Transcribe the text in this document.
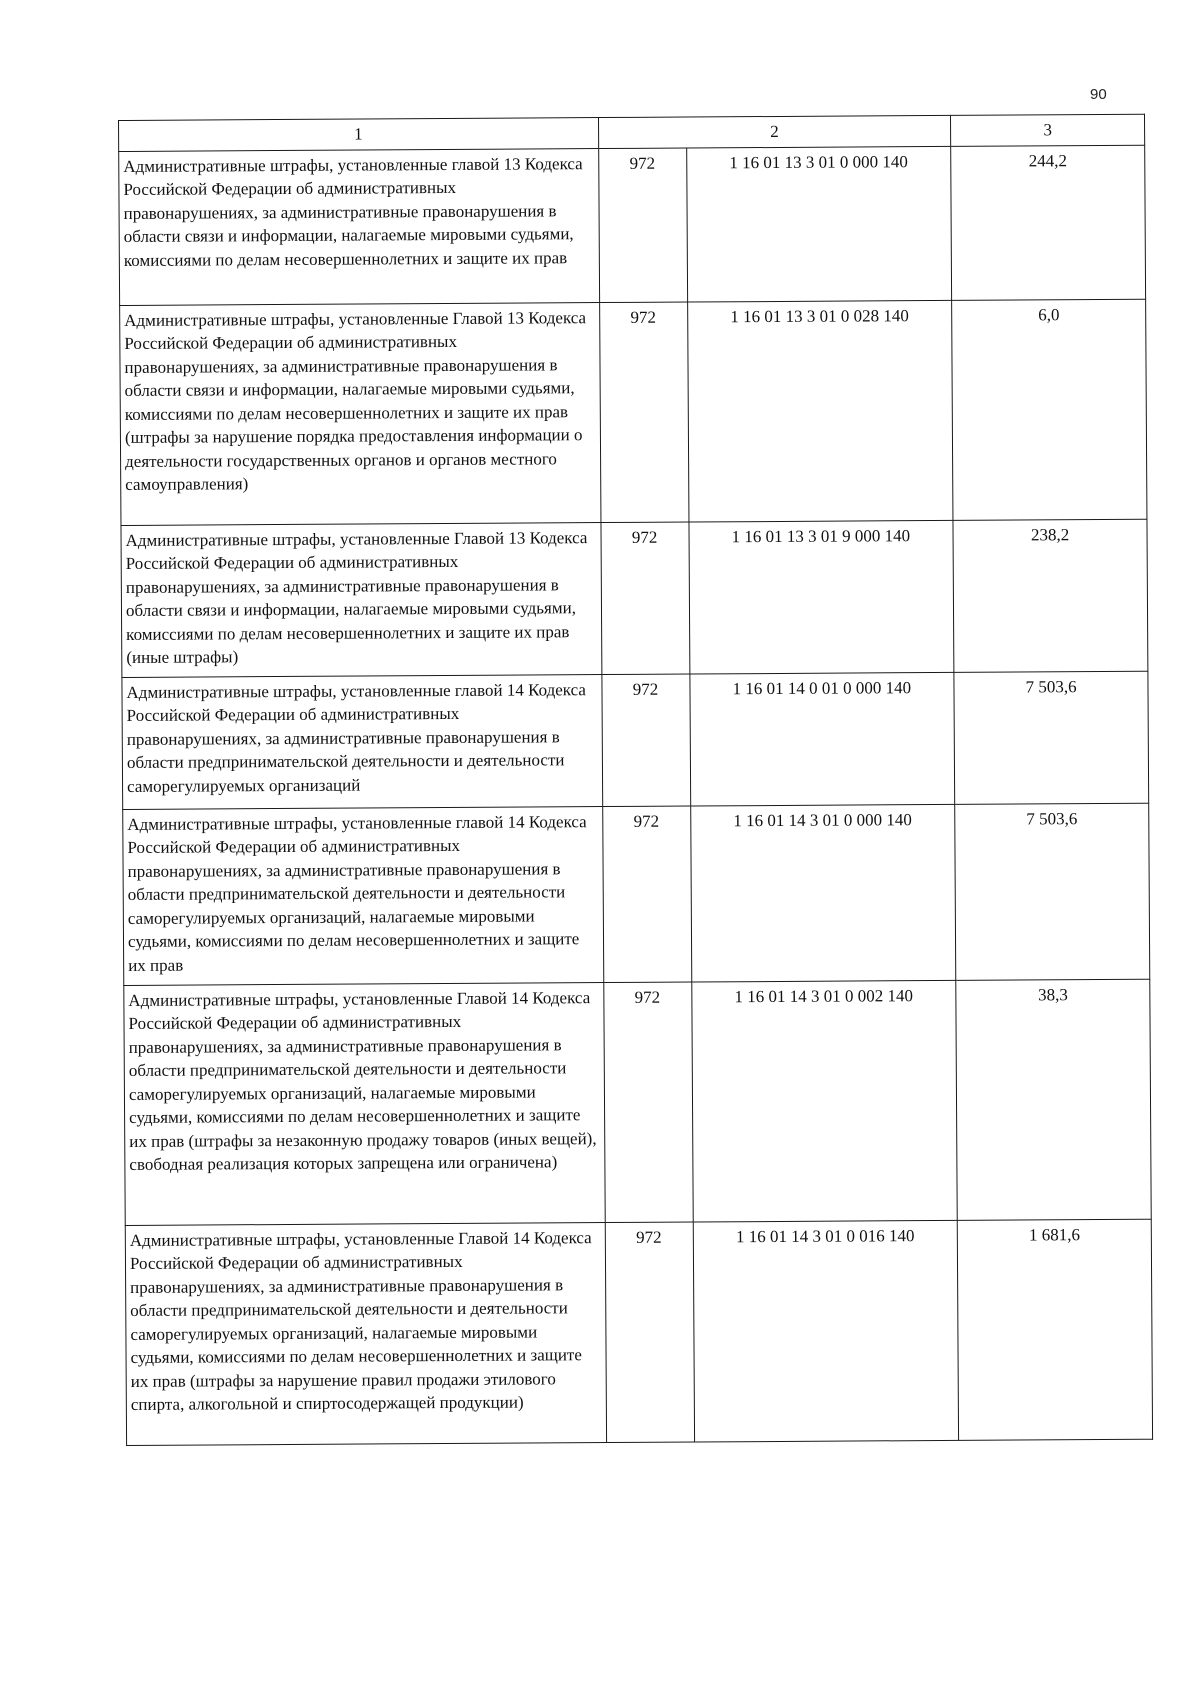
90
1	2		3
Административные штрафы, установленные главой 13 Кодекса Российской Федерации об административных правонарушениях, за административные правонарушения в области связи и информации, налагаемые мировыми судьями, комиссиями по делам несовершеннолетних и защите их прав	972	1 16 01 13 3 01 0 000 140	244,2
Административные штрафы, установленные Главой 13 Кодекса Российской Федерации об административных правонарушениях, за административные правонарушения в области связи и информации, налагаемые мировыми судьями, комиссиями по делам несовершеннолетних и защите их прав (штрафы за нарушение порядка предоставления информации о деятельности государственных органов и органов местного самоуправления)	972	1 16 01 13 3 01 0 028 140	6,0
Административные штрафы, установленные Главой 13 Кодекса Российской Федерации об административных правонарушениях, за административные правонарушения в области связи и информации, налагаемые мировыми судьями, комиссиями по делам несовершеннолетних и защите их прав (иные штрафы)	972	1 16 01 13 3 01 9 000 140	238,2
Административные штрафы, установленные главой 14 Кодекса Российской Федерации об административных правонарушениях, за административные правонарушения в области предпринимательской деятельности и деятельности саморегулируемых организаций	972	1 16 01 14 0 01 0 000 140	7 503,6
Административные штрафы, установленные главой 14 Кодекса Российской Федерации об административных правонарушениях, за административные правонарушения в области предпринимательской деятельности и деятельности саморегулируемых организаций, налагаемые мировыми судьями, комиссиями по делам несовершеннолетних и защите их прав	972	1 16 01 14 3 01 0 000 140	7 503,6
Административные штрафы, установленные Главой 14 Кодекса Российской Федерации об административных правонарушениях, за административные правонарушения в области предпринимательской деятельности и деятельности саморегулируемых организаций, налагаемые мировыми судьями, комиссиями по делам несовершеннолетних и защите их прав (штрафы за незаконную продажу товаров (иных вещей), свободная реализация которых запрещена или ограничена)	972	1 16 01 14 3 01 0 002 140	38,3
Административные штрафы, установленные Главой 14 Кодекса Российской Федерации об административных правонарушениях, за административные правонарушения в области предпринимательской деятельности и деятельности саморегулируемых организаций, налагаемые мировыми судьями, комиссиями по делам несовершеннолетних и защите их прав (штрафы за нарушение правил продажи этилового спирта, алкогольной и спиртосодержащей продукции)	972	1 16 01 14 3 01 0 016 140	1 681,6
